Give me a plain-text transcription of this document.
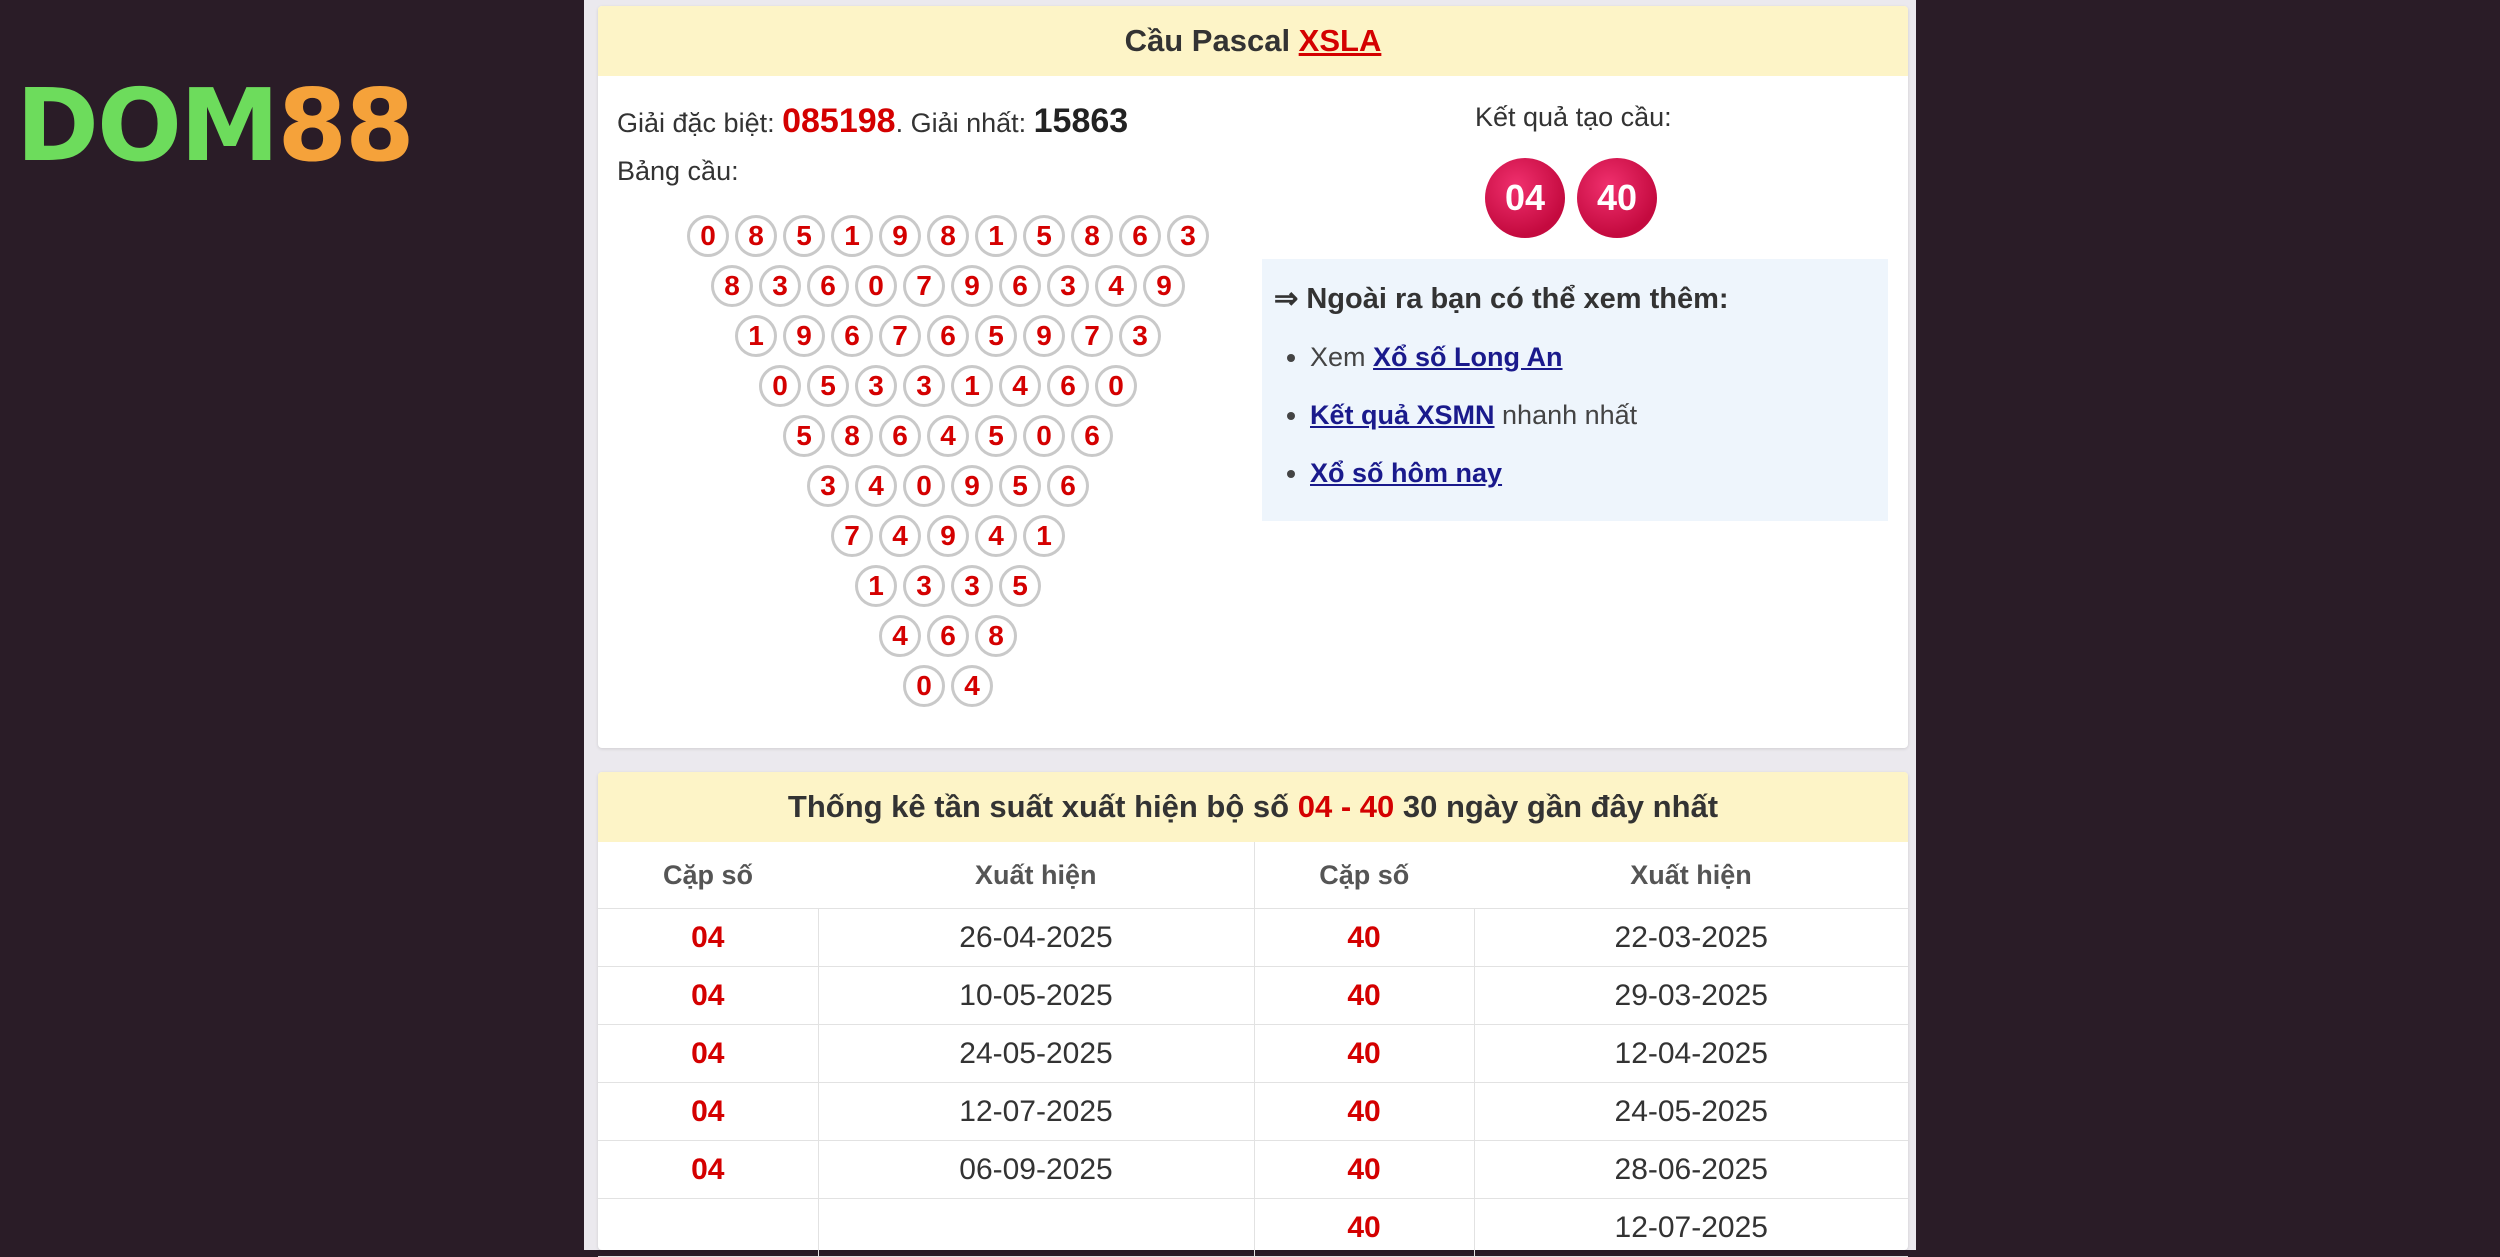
DOM 88
Cầu Pascal XSLA
Giải đặc biệt: 085198. Giải nhất: 15863
Bảng cầu:
0	8	5	1	9	8	1	5	8	6	3
8	3	6	0	7	9	6	3	4	9
1	9	6	7	6	5	9	7	3
0	5	3	3	1	4	6	0
5	8	6	4	5	0	6
3	4	0	9	5	6
7	4	9	4	1
1	3	3	5
4	6	8
0	4
Kết quả tạo cầu:
04	40
⇒ Ngoài ra bạn có thể xem thêm:
• Xem Xổ số Long An
• Kết quả XSMN nhanh nhất
• Xổ số hôm nay
Thống kê tần suất xuất hiện bộ số 04 - 40 30 ngày gần đây nhất
Cặp số	Xuất hiện	Cặp số	Xuất hiện
04	26-04-2025	40	22-03-2025
04	10-05-2025	40	29-03-2025
04	24-05-2025	40	12-04-2025
04	12-07-2025	40	24-05-2025
04	06-09-2025	40	28-06-2025
		40	12-07-2025
